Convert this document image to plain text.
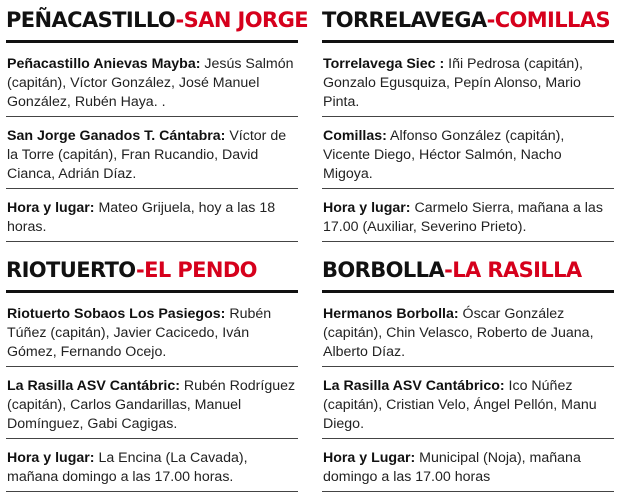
PEÑACASTILLO-SAN JORGE
Peñacastillo Anievas Mayba: Jesús Salmón (capitán), Víctor González, José Manuel González, Rubén Haya. .
San Jorge Ganados T. Cántabra: Víctor de la Torre (capitán), Fran Rucandio, David Cianca, Adrián Díaz.
Hora y lugar: Mateo Grijuela, hoy a las 18 horas.
TORRELAVEGA-COMILLAS
Torrelavega Siec : Iñi Pedrosa (capitán), Gonzalo Egusquiza, Pepín Alonso, Mario Pinta.
Comillas: Alfonso González (capitán), Vicente Diego, Héctor Salmón, Nacho Migoya.
Hora y lugar: Carmelo Sierra, mañana a las 17.00 (Auxiliar, Severino Prieto).
RIOTUERTO-EL PENDO
Riotuerto Sobaos Los Pasiegos: Rubén Túñez (capitán), Javier Cacicedo, Iván Gómez, Fernando Ocejo.
La Rasilla ASV Cantábric: Rubén Rodríguez (capitán), Carlos Gandarillas, Manuel Domínguez, Gabi Cagigas.
Hora y lugar: La Encina (La Cavada), mañana domingo a las 17.00 horas.
BORBOLLA-LA RASILLA
Hermanos Borbolla: Óscar González (capitán), Chin Velasco, Roberto de Juana, Alberto Díaz.
La Rasilla ASV Cantábrico: Ico Núñez (capitán), Cristian Velo, Ángel Pellón, Manu Diego.
Hora y Lugar: Municipal (Noja), mañana domingo a las 17.00 horas
